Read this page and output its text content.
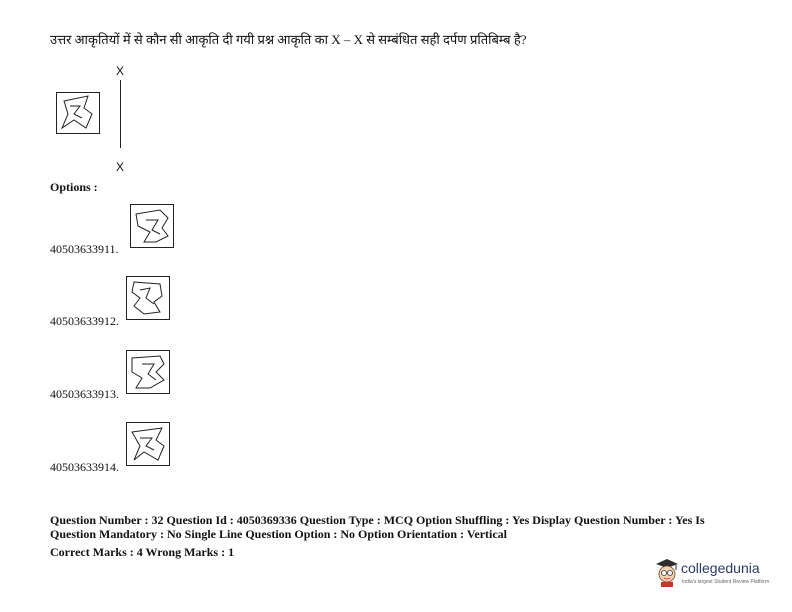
उत्तर आकृतियों में से कौन सी आकृति दी गयी प्रश्न आकृति का X – X से सम्बंधित सही दर्पण प्रतिबिम्ब है?
X
X
Options :
40503633911.
40503633912.
40503633913.
40503633914.
Question Number : 32 Question Id : 4050369336 Question Type : MCQ Option Shuffling : Yes Display Question Number : Yes Is Question Mandatory : No Single Line Question Option : No Option Orientation : Vertical
Correct Marks : 4 Wrong Marks : 1
collegedunia
India's largest Student Review Platform
